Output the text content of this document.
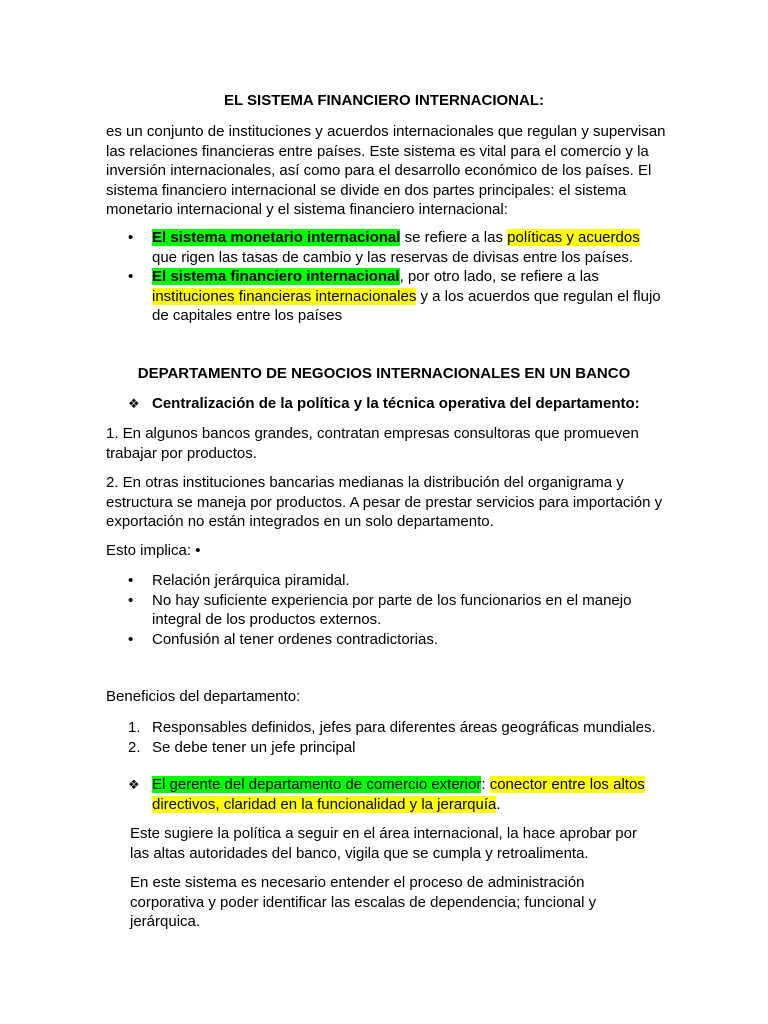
EL SISTEMA FINANCIERO INTERNACIONAL:

es un conjunto de instituciones y acuerdos internacionales que regulan y supervisan las relaciones financieras entre países. Este sistema es vital para el comercio y la inversión internacionales, así como para el desarrollo económico de los países. El sistema financiero internacional se divide en dos partes principales: el sistema monetario internacional y el sistema financiero internacional:

• El sistema monetario internacional se refiere a las políticas y acuerdos que rigen las tasas de cambio y las reservas de divisas entre los países.
• El sistema financiero internacional, por otro lado, se refiere a las instituciones financieras internacionales y a los acuerdos que regulan el flujo de capitales entre los países

DEPARTAMENTO DE NEGOCIOS INTERNACIONALES EN UN BANCO

❖ Centralización de la política y la técnica operativa del departamento:

1. En algunos bancos grandes, contratan empresas consultoras que promueven trabajar por productos.

2. En otras instituciones bancarias medianas la distribución del organigrama y estructura se maneja por productos. A pesar de prestar servicios para importación y exportación no están integrados en un solo departamento.

Esto implica: •

• Relación jerárquica piramidal.
• No hay suficiente experiencia por parte de los funcionarios en el manejo integral de los productos externos.
• Confusión al tener ordenes contradictorias.

Beneficios del departamento:

1. Responsables definidos, jefes para diferentes áreas geográficas mundiales.
2. Se debe tener un jefe principal
❖ El gerente del departamento de comercio exterior: conector entre los altos directivos, claridad en la funcionalidad y la jerarquía.

Este sugiere la política a seguir en el área internacional, la hace aprobar por las altas autoridades del banco, vigila que se cumpla y retroalimenta.

En este sistema es necesario entender el proceso de administración corporativa y poder identificar las escalas de dependencia; funcional y jerárquica.
